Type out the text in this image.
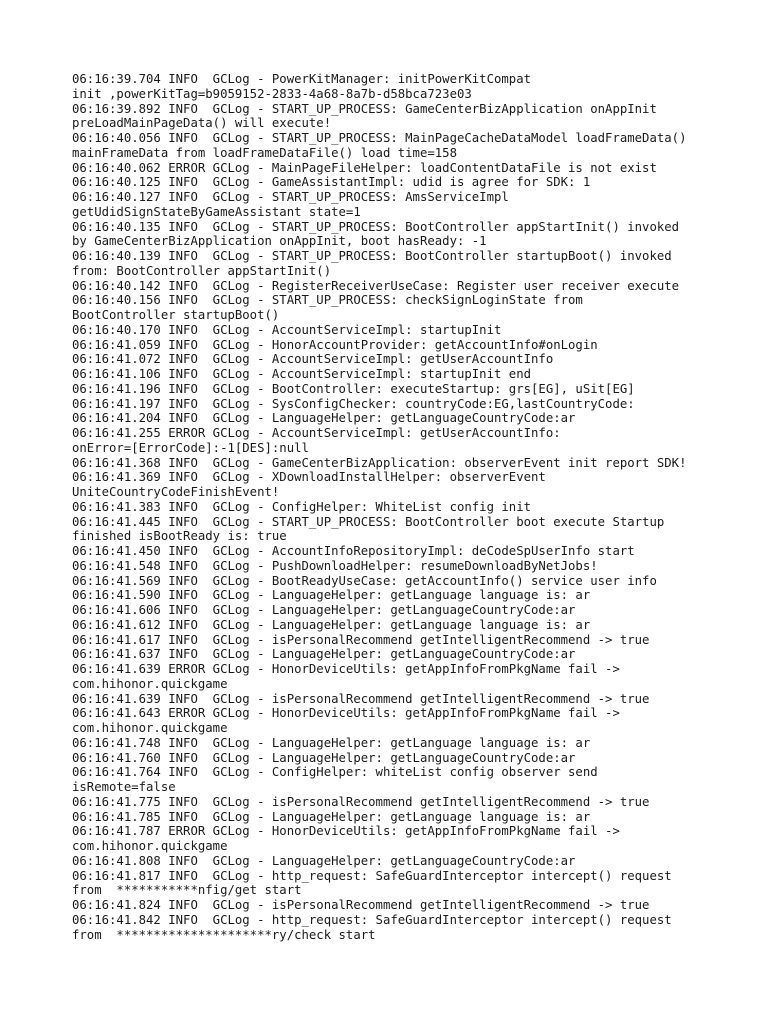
06:16:39.704 INFO  GCLog - PowerKitManager: initPowerKitCompat

init ,powerKitTag=b9059152-2833-4a68-8a7b-d58bca723e03

06:16:39.892 INFO  GCLog - START_UP_PROCESS: GameCenterBizApplication onAppInit

preLoadMainPageData() will execute!

06:16:40.056 INFO  GCLog - START_UP_PROCESS: MainPageCacheDataModel loadFrameData()

mainFrameData from loadFrameDataFile() load time=158

06:16:40.062 ERROR GCLog - MainPageFileHelper: loadContentDataFile is not exist

06:16:40.125 INFO  GCLog - GameAssistantImpl: udid is agree for SDK: 1

06:16:40.127 INFO  GCLog - START_UP_PROCESS: AmsServiceImpl

getUdidSignStateByGameAssistant state=1

06:16:40.135 INFO  GCLog - START_UP_PROCESS: BootController appStartInit() invoked

by GameCenterBizApplication onAppInit, boot hasReady: -1

06:16:40.139 INFO  GCLog - START_UP_PROCESS: BootController startupBoot() invoked

from: BootController appStartInit()

06:16:40.142 INFO  GCLog - RegisterReceiverUseCase: Register user receiver execute

06:16:40.156 INFO  GCLog - START_UP_PROCESS: checkSignLoginState from

BootController startupBoot()

06:16:40.170 INFO  GCLog - AccountServiceImpl: startupInit

06:16:41.059 INFO  GCLog - HonorAccountProvider: getAccountInfo#onLogin

06:16:41.072 INFO  GCLog - AccountServiceImpl: getUserAccountInfo

06:16:41.106 INFO  GCLog - AccountServiceImpl: startupInit end

06:16:41.196 INFO  GCLog - BootController: executeStartup: grs[EG], uSit[EG]

06:16:41.197 INFO  GCLog - SysConfigChecker: countryCode:EG,lastCountryCode:

06:16:41.204 INFO  GCLog - LanguageHelper: getLanguageCountryCode:ar

06:16:41.255 ERROR GCLog - AccountServiceImpl: getUserAccountInfo:

onError=[ErrorCode]:-1[DES]:null

06:16:41.368 INFO  GCLog - GameCenterBizApplication: observerEvent init report SDK!

06:16:41.369 INFO  GCLog - XDownloadInstallHelper: observerEvent

UniteCountryCodeFinishEvent!

06:16:41.383 INFO  GCLog - ConfigHelper: WhiteList config init

06:16:41.445 INFO  GCLog - START_UP_PROCESS: BootController boot execute Startup

finished isBootReady is: true

06:16:41.450 INFO  GCLog - AccountInfoRepositoryImpl: deCodeSpUserInfo start

06:16:41.548 INFO  GCLog - PushDownloadHelper: resumeDownloadByNetJobs!

06:16:41.569 INFO  GCLog - BootReadyUseCase: getAccountInfo() service user info

06:16:41.590 INFO  GCLog - LanguageHelper: getLanguage language is: ar

06:16:41.606 INFO  GCLog - LanguageHelper: getLanguageCountryCode:ar

06:16:41.612 INFO  GCLog - LanguageHelper: getLanguage language is: ar

06:16:41.617 INFO  GCLog - isPersonalRecommend getIntelligentRecommend -> true

06:16:41.637 INFO  GCLog - LanguageHelper: getLanguageCountryCode:ar

06:16:41.639 ERROR GCLog - HonorDeviceUtils: getAppInfoFromPkgName fail ->

com.hihonor.quickgame

06:16:41.639 INFO  GCLog - isPersonalRecommend getIntelligentRecommend -> true

06:16:41.643 ERROR GCLog - HonorDeviceUtils: getAppInfoFromPkgName fail ->

com.hihonor.quickgame

06:16:41.748 INFO  GCLog - LanguageHelper: getLanguage language is: ar

06:16:41.760 INFO  GCLog - LanguageHelper: getLanguageCountryCode:ar

06:16:41.764 INFO  GCLog - ConfigHelper: whiteList config observer send

isRemote=false

06:16:41.775 INFO  GCLog - isPersonalRecommend getIntelligentRecommend -> true

06:16:41.785 INFO  GCLog - LanguageHelper: getLanguage language is: ar

06:16:41.787 ERROR GCLog - HonorDeviceUtils: getAppInfoFromPkgName fail ->

com.hihonor.quickgame

06:16:41.808 INFO  GCLog - LanguageHelper: getLanguageCountryCode:ar

06:16:41.817 INFO  GCLog - http_request: SafeGuardInterceptor intercept() request

from  ***********nfig/get start

06:16:41.824 INFO  GCLog - isPersonalRecommend getIntelligentRecommend -> true

06:16:41.842 INFO  GCLog - http_request: SafeGuardInterceptor intercept() request

from  *********************ry/check start
